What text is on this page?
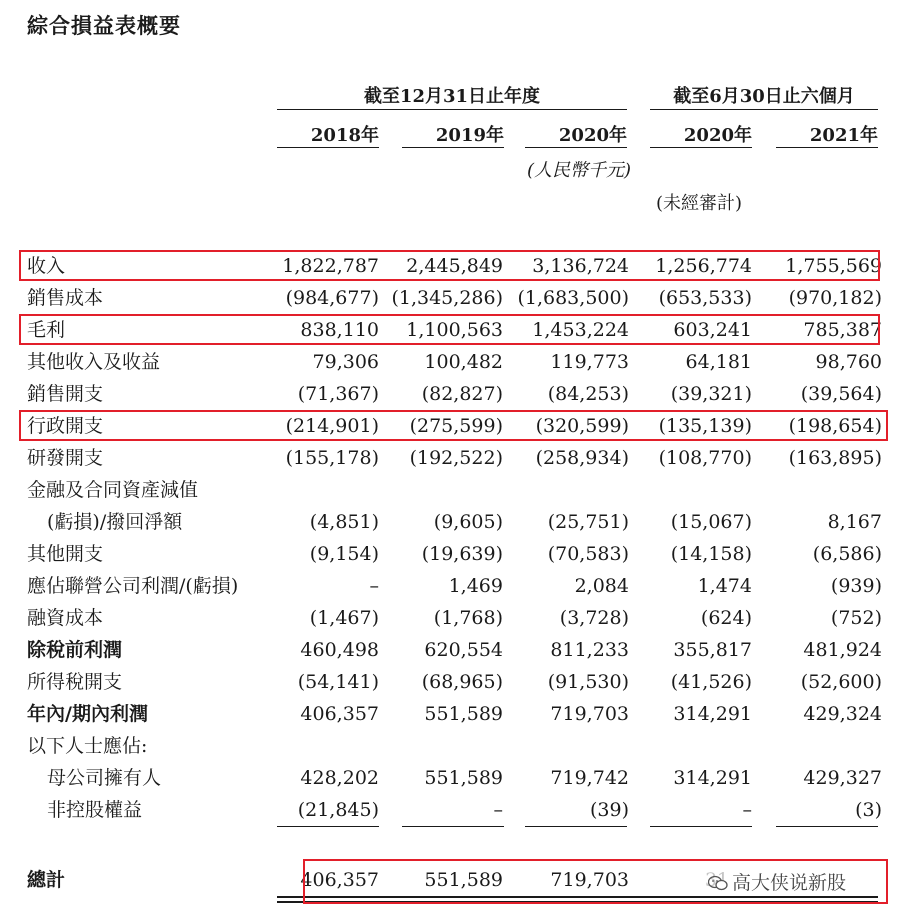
綜合損益表概要
截至12月31日止年度	截至6月30日止六個月
2018年	2019年	2020年	2020年	2021年
(人民幣千元)
(未經審計)
收入	1,822,787 2,445,849 3,136,724 1,256,774 1,755,569
銷售成本	(984,677) (1,345,286) (1,683,500) (653,533) (970,182)
毛利	838,110 1,100,563 1,453,224 603,241	785,387
其他收入及收益	79,306 100,482 119,773	64,181	98,760
銷售開支	(71,367) (82,827) (84,253) (39,321)	(39,564)
行政開支	(214,901) (275,599) (320,599) (135,139) (198,654)
研發開支	(155,178) (192,522) (258,934) (108,770) (163,895)
金融及合同資產減值
(虧損)/撥回淨額	(4,851)	(9,605) (25,751) (15,067)	8,167
其他開支	(9,154) (19,639) (70,583) (14,158)	(6,586)
應佔聯營公司利潤/(虧損)	–	1,469	2,084	1,474	(939)
融資成本	(1,467)	(1,768)	(3,728)	(624)	(752)
除稅前利潤	460,498 620,554 811,233 355,817	481,924
所得稅開支	(54,141) (68,965) (91,530) (41,526)	(52,600)
年內/期內利潤	406,357 551,589 719,703 314,291	429,324
以下人士應佔:
母公司擁有人	428,202 551,589 719,742 314,291	429,327
非控股權益	(21,845)	–	(39)	–	(3)
總計	406,357 551,589 719,703	高大侠说新股
